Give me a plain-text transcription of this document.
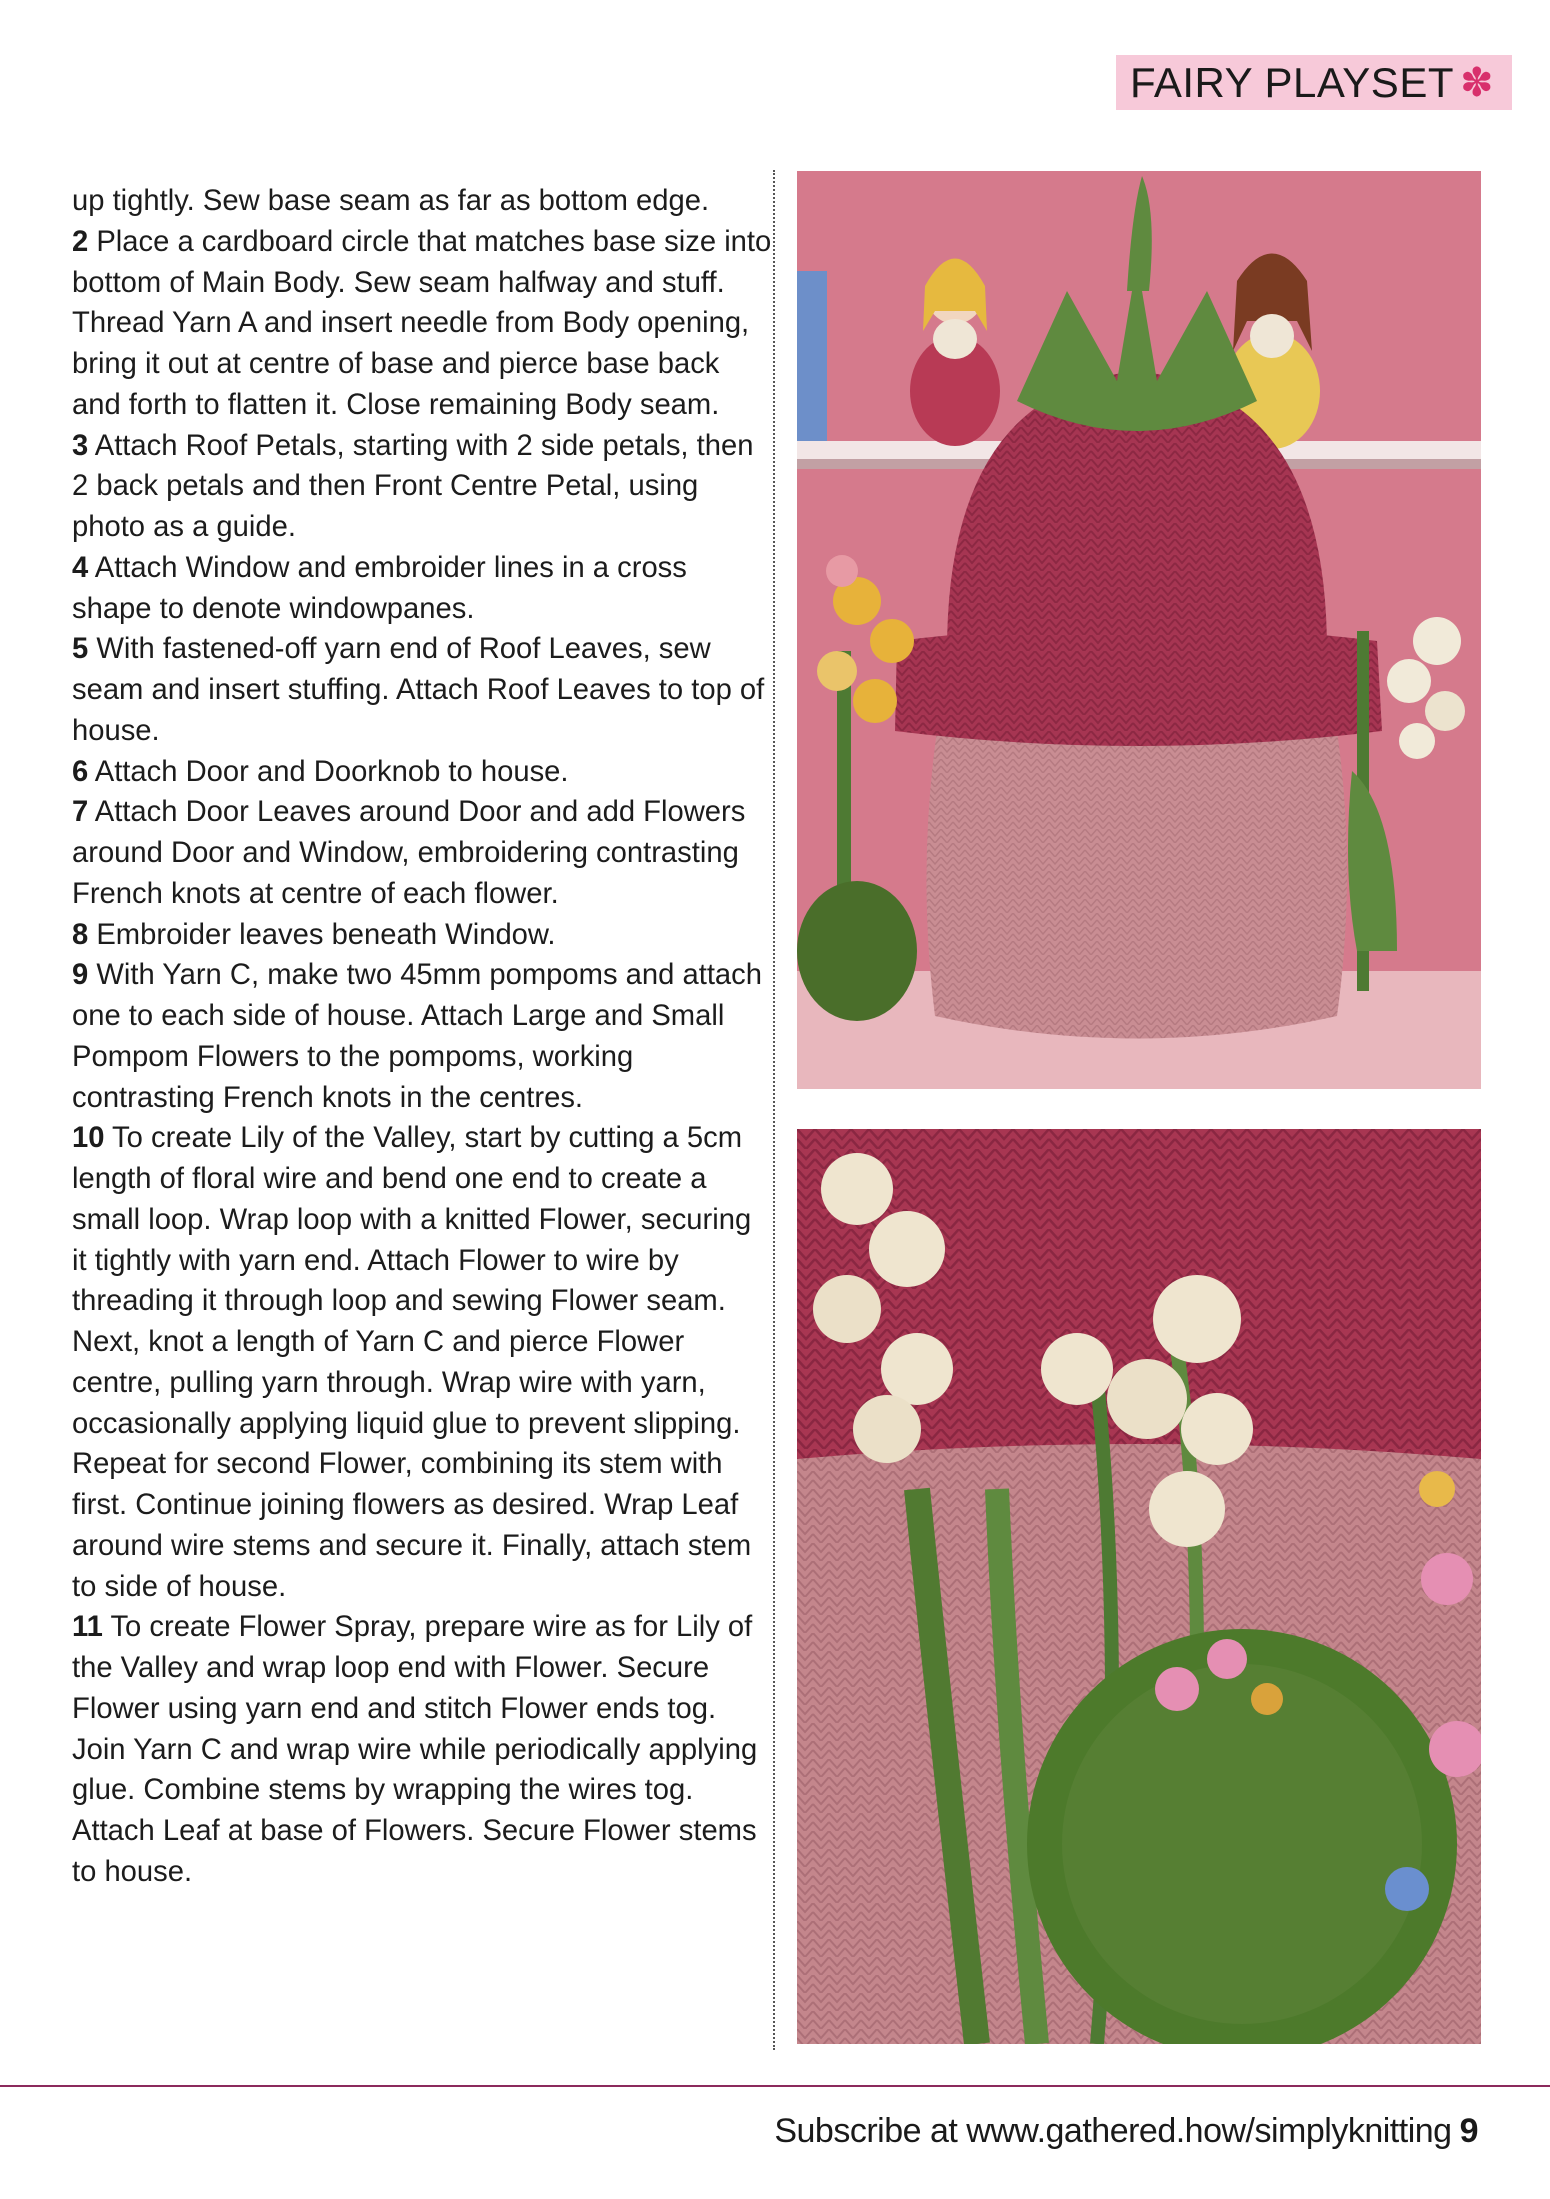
FAIRY PLAYSET ✽

up tightly. Sew base seam as far as bottom edge.

2 Place a cardboard circle that matches base size into bottom of Main Body. Sew seam halfway and stuff. Thread Yarn A and insert needle from Body opening, bring it out at centre of base and pierce base back and forth to flatten it. Close remaining Body seam.

3 Attach Roof Petals, starting with 2 side petals, then 2 back petals and then Front Centre Petal, using photo as a guide.

4 Attach Window and embroider lines in a cross shape to denote windowpanes.

5 With fastened-off yarn end of Roof Leaves, sew seam and insert stuffing. Attach Roof Leaves to top of house.

6 Attach Door and Doorknob to house.

7 Attach Door Leaves around Door and add Flowers around Door and Window, embroidering contrasting French knots at centre of each flower.

8 Embroider leaves beneath Window.

9 With Yarn C, make two 45mm pompoms and attach one to each side of house. Attach Large and Small Pompom Flowers to the pompoms, working contrasting French knots in the centres.

10 To create Lily of the Valley, start by cutting a 5cm length of floral wire and bend one end to create a small loop. Wrap loop with a knitted Flower, securing it tightly with yarn end. Attach Flower to wire by threading it through loop and sewing Flower seam. Next, knot a length of Yarn C and pierce Flower centre, pulling yarn through. Wrap wire with yarn, occasionally applying liquid glue to prevent slipping. Repeat for second Flower, combining its stem with first. Continue joining flowers as desired. Wrap Leaf around wire stems and secure it. Finally, attach stem to side of house.

11 To create Flower Spray, prepare wire as for Lily of the Valley and wrap loop end with Flower. Secure Flower using yarn end and stitch Flower ends tog. Join Yarn C and wrap wire while periodically applying glue. Combine stems by wrapping the wires tog. Attach Leaf at base of Flowers. Secure Flower stems to house.

Subscribe at www.gathered.how/simplyknitting 9
